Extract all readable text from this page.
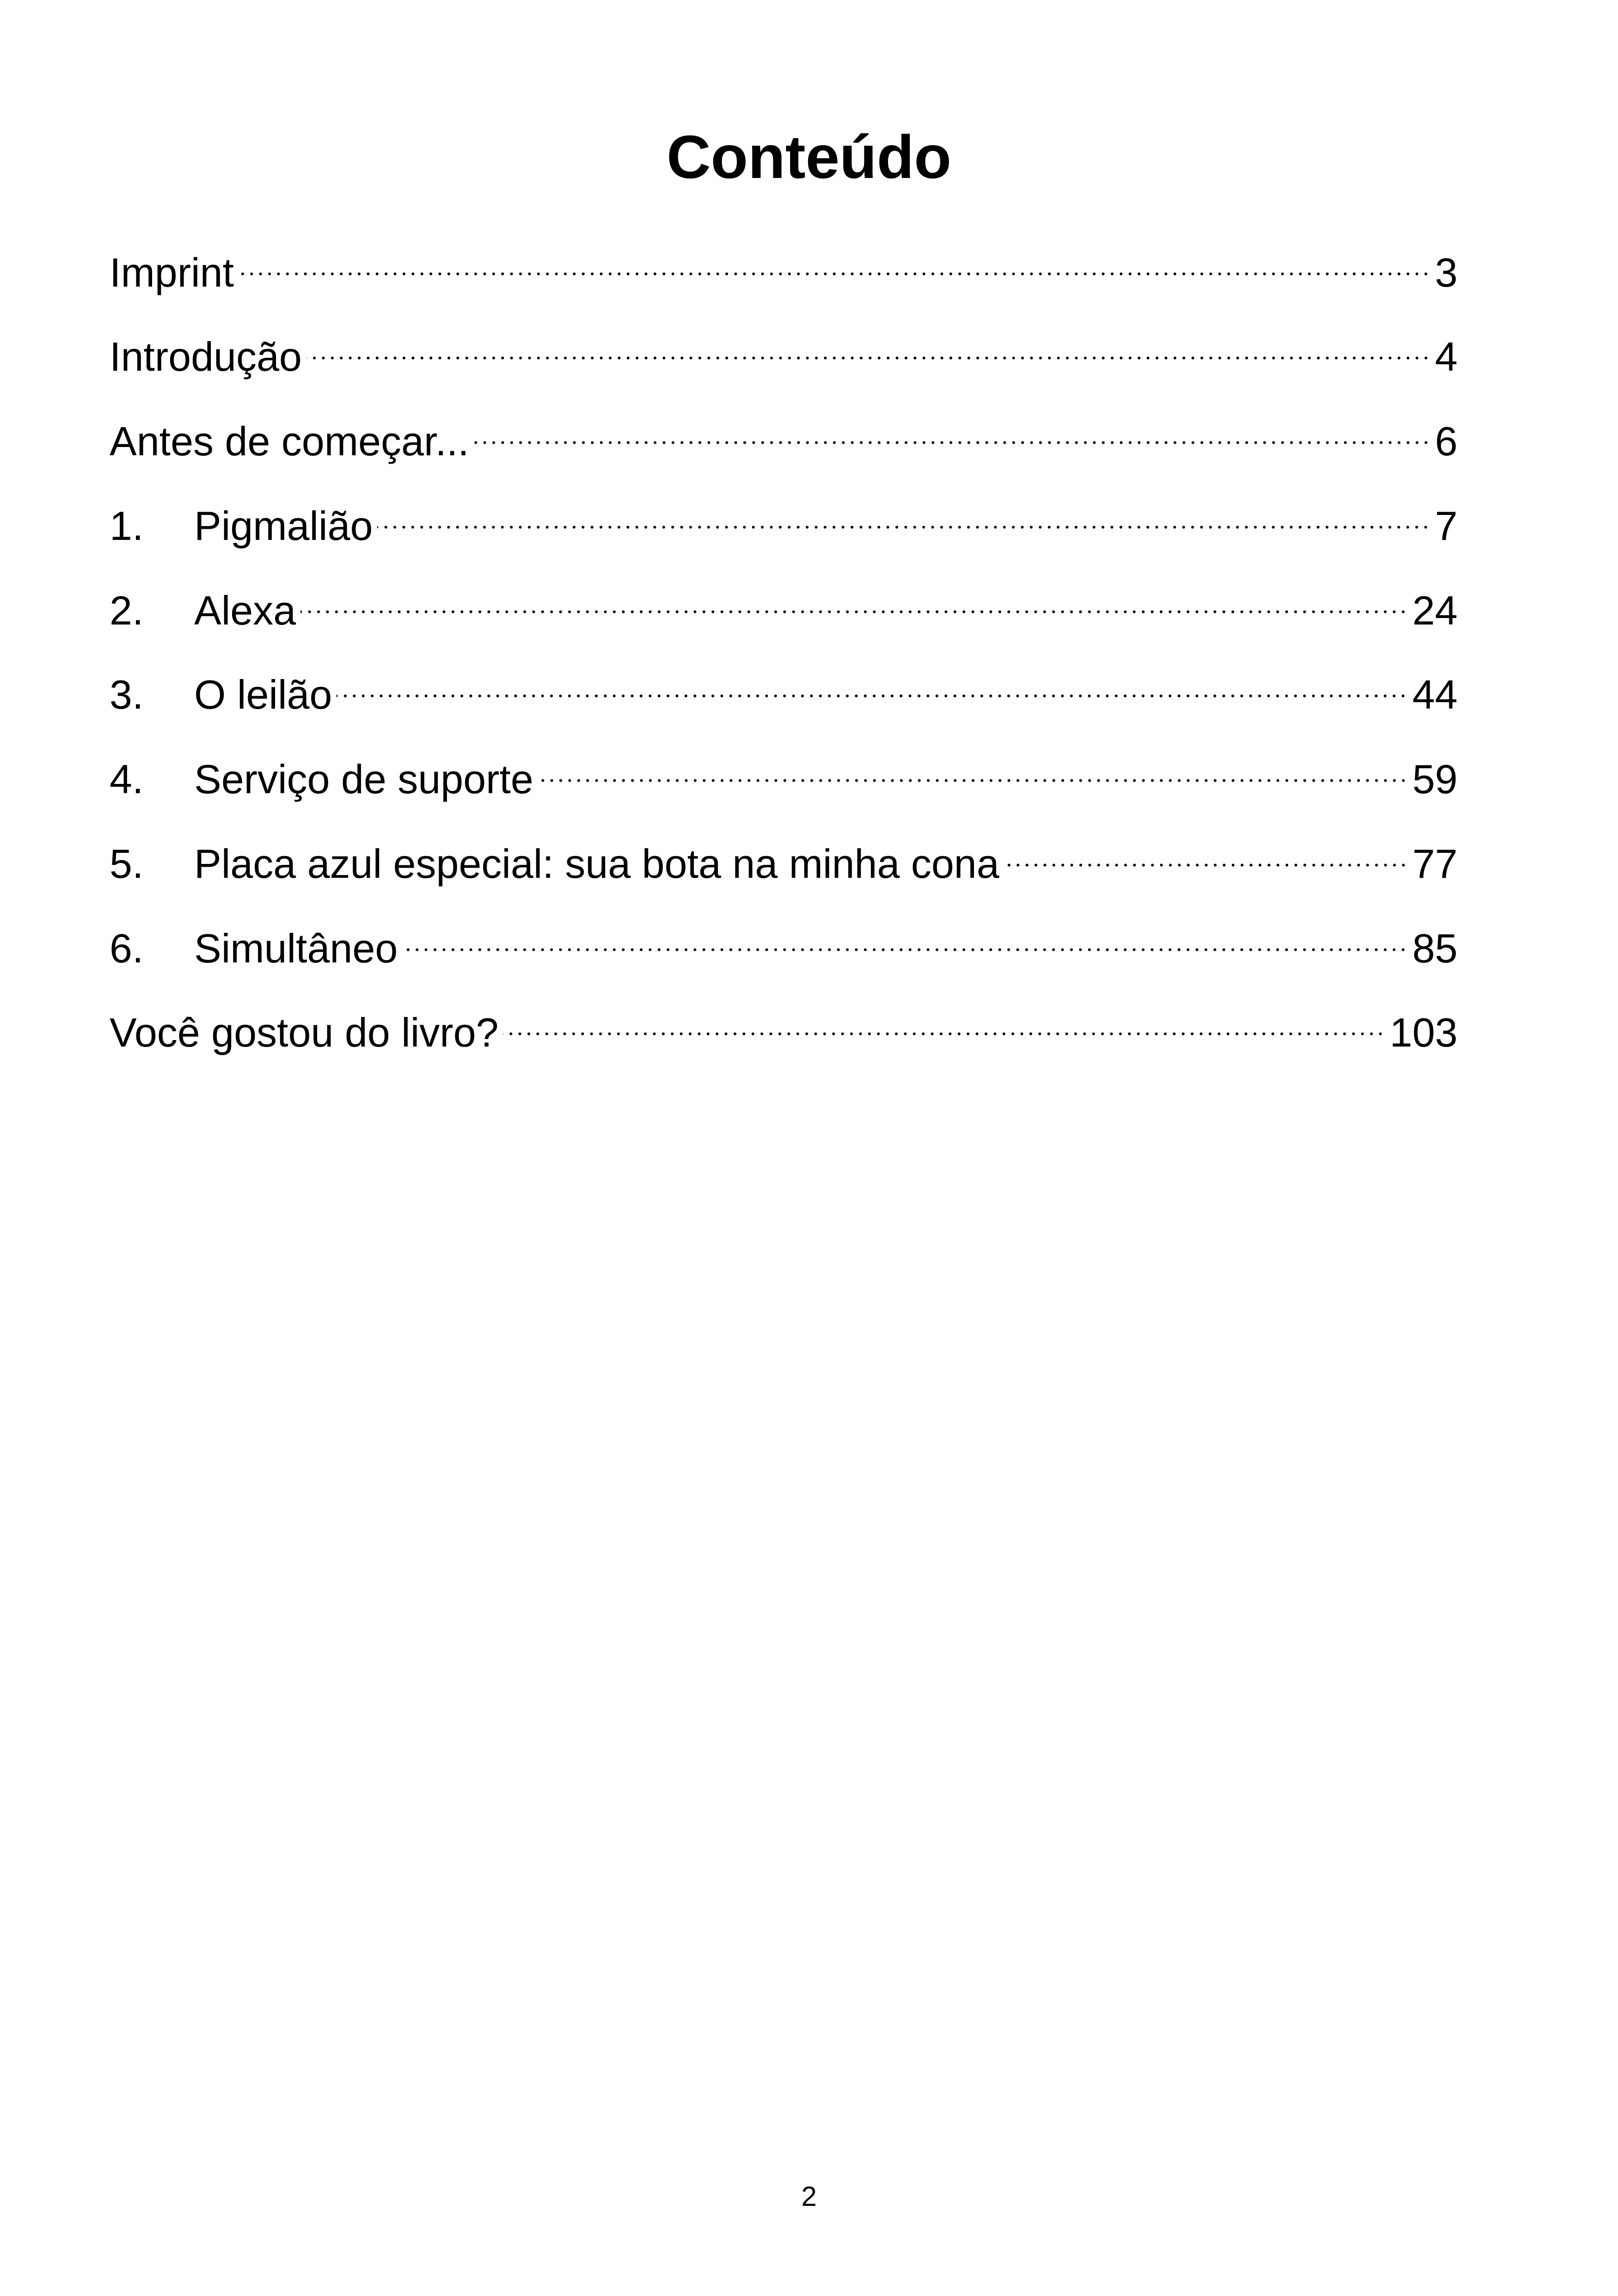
Conteúdo
Imprint	3
Introdução	4
Antes de começar...	6
1.	Pigmalião	7
2.	Alexa	24
3.	O leilão	44
4.	Serviço de suporte	59
5.	Placa azul especial: sua bota na minha cona	77
6.	Simultâneo	85
Você gostou do livro?	103
2
